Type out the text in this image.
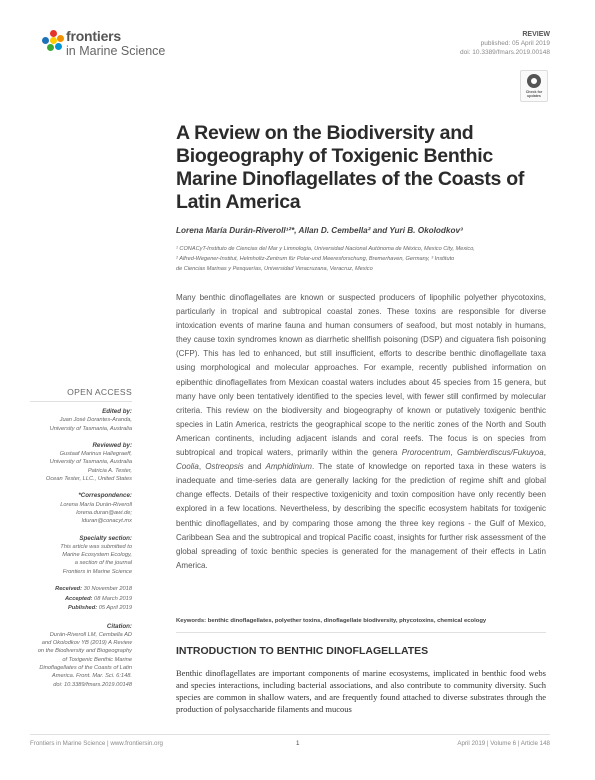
frontiers
in Marine Science
REVIEW
published: 05 April 2019
doi: 10.3389/fmars.2019.00148
Check for updates
A Review on the Biodiversity and Biogeography of Toxigenic Benthic Marine Dinoflagellates of the Coasts of Latin America
Lorena María Durán-Riveroll¹²*, Allan D. Cembella² and Yuri B. Okolodkov³
¹ CONACyT-Instituto de Ciencias del Mar y Limnología, Universidad Nacional Autónoma de México, Mexico City, Mexico,
² Alfred-Wegener-Institut, Helmholtz-Zentrum für Polar-und Meeresforschung, Bremerhaven, Germany, ³ Instituto
de Ciencias Marinas y Pesquerías, Universidad Veracruzana, Veracruz, Mexico

Many benthic dinoflagellates are known or suspected producers of lipophilic polyether phycotoxins, particularly in tropical and subtropical coastal zones. These toxins are responsible for diverse intoxication events of marine fauna and human consumers of seafood, but most notably in humans, they cause toxin syndromes known as diarrhetic shellfish poisoning (DSP) and ciguatera fish poisoning (CFP). This has led to enhanced, but still insufficient, efforts to describe benthic dinoflagellate taxa using morphological and molecular approaches. For example, recently published information on epibenthic dinoflagellates from Mexican coastal waters includes about 45 species from 15 genera, but many have only been tentatively identified to the species level, with fewer still confirmed by molecular criteria. This review on the biodiversity and biogeography of known or putatively toxigenic benthic species in Latin America, restricts the geographical scope to the neritic zones of the North and South American continents, including adjacent islands and coral reefs. The focus is on species from subtropical and tropical waters, primarily within the genera Prorocentrum, Gambierdiscus/Fukuyoa, Coolia, Ostreopsis and Amphidinium. The state of knowledge on reported taxa in these waters is inadequate and time-series data are generally lacking for the prediction of regime shift and global change effects. Details of their respective toxigenicity and toxin composition have only recently been explored in a few locations. Nevertheless, by describing the specific ecosystem habitats for toxigenic benthic dinoflagellates, and by comparing those among the three key regions - the Gulf of Mexico, Caribbean Sea and the subtropical and tropical Pacific coast, insights for further risk assessment of the global spreading of toxic benthic species is generated for the management of their effects in Latin America.

Keywords: benthic dinoflagellates, polyether toxins, dinoflagellate biodiversity, phycotoxins, chemical ecology
OPEN ACCESS
Edited by:
Juan José Dorantes-Aranda,
University of Tasmania, Australia
Reviewed by:
Gustaaf Marinus Hallegraeff,
University of Tasmania, Australia
Patricia A. Tester,
Ocean Tester, LLC., United States
*Correspondence:
Lorena María Durán-Riveroll
lorena.duran@awi.de;
lduran@conacyt.mx
Specialty section:
This article was submitted to
Marine Ecosystem Ecology,
a section of the journal
Frontiers in Marine Science
Received: 30 November 2018
Accepted: 08 March 2019
Published: 05 April 2019
Citation:
Durán-Riveroll LM, Cembella AD
and Okolodkov YB (2019) A Review
on the Biodiversity and Biogeography
of Toxigenic Benthic Marine
Dinoflagellates of the Coasts of Latin
America. Front. Mar. Sci. 6:148.
doi: 10.3389/fmars.2019.00148
INTRODUCTION TO BENTHIC DINOFLAGELLATES
Benthic dinoflagellates are important components of marine ecosystems, implicated in benthic food webs and species interactions, including bacterial associations, and also contribute to community diversity. Such species are common in shallow waters, and are frequently found attached to diverse substrates through the production of polysaccharide filaments and mucous
Frontiers in Marine Science | www.frontiersin.org	1	April 2019 | Volume 6 | Article 148
